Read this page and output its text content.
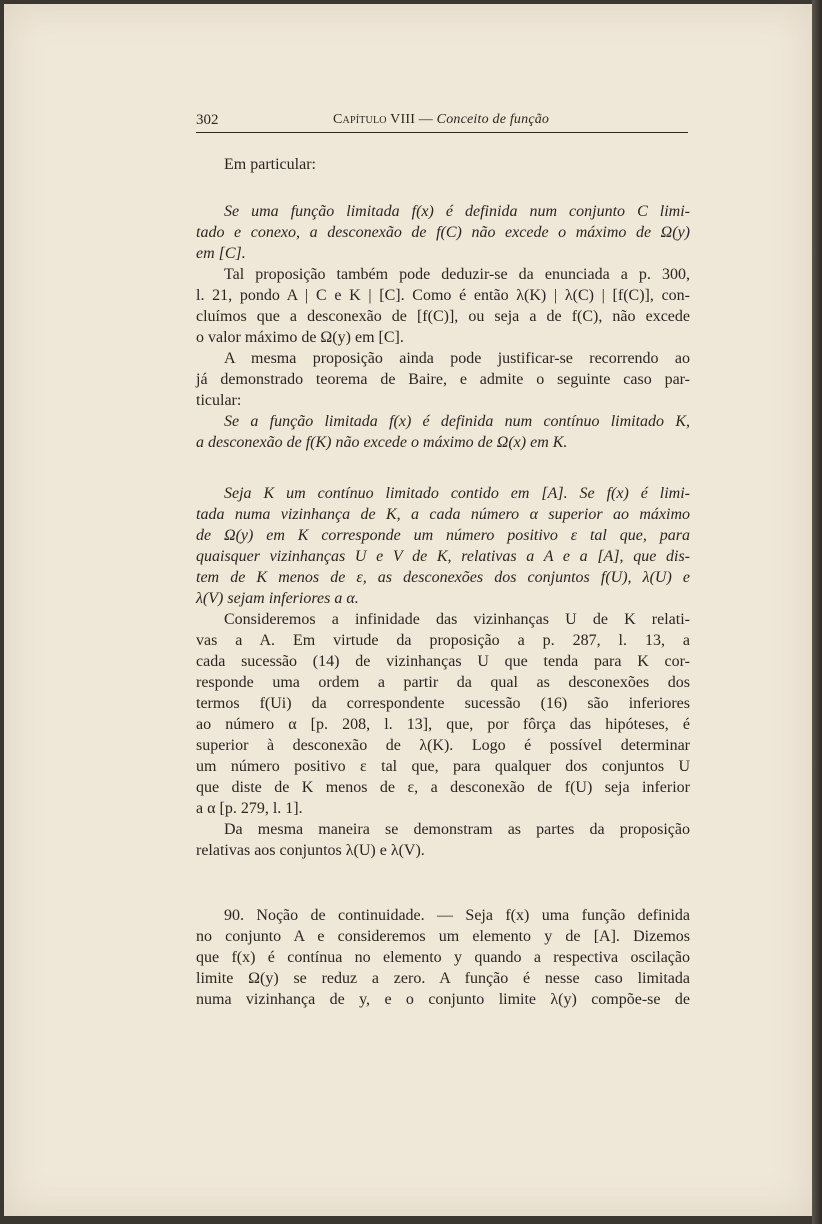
302	Capítulo VIII — Conceito de função
Em particular:
Se uma função limitada f(x) é definida num conjunto C limi-
tado e conexo, a desconexão de f(C) não excede o máximo de Ω(y)
em [C].
Tal proposição também pode deduzir-se da enunciada a p. 300,
l. 21, pondo A | C e K | [C]. Como é então λ(K) | λ(C) | [f(C)], con-
cluímos que a desconexão de [f(C)], ou seja a de f(C), não excede
o valor máximo de Ω(y) em [C].
A mesma proposição ainda pode justificar-se recorrendo ao
já demonstrado teorema de Baire, e admite o seguinte caso par-
ticular:
Se a função limitada f(x) é definida num contínuo limitado K,
a desconexão de f(K) não excede o máximo de Ω(x) em K.
Seja K um contínuo limitado contido em [A]. Se f(x) é limi-
tada numa vizinhança de K, a cada número α superior ao máximo
de Ω(y) em K corresponde um número positivo ε tal que, para
quaisquer vizinhanças U e V de K, relativas a A e a [A], que dis-
tem de K menos de ε, as desconexões dos conjuntos f(U), λ(U) e
λ(V) sejam inferiores a α.
Consideremos a infinidade das vizinhanças U de K relati-
vas a A. Em virtude da proposição a p. 287, l. 13, a
cada sucessão (14) de vizinhanças U que tenda para K cor-
responde uma ordem a partir da qual as desconexões dos
termos f(Ui) da correspondente sucessão (16) são inferiores
ao número α [p. 208, l. 13], que, por fôrça das hipóteses, é
superior à desconexão de λ(K). Logo é possível determinar
um número positivo ε tal que, para qualquer dos conjuntos U
que diste de K menos de ε, a desconexão de f(U) seja inferior
a α [p. 279, l. 1].
Da mesma maneira se demonstram as partes da proposição
relativas aos conjuntos λ(U) e λ(V).
90. Noção de continuidade. — Seja f(x) uma função definida
no conjunto A e consideremos um elemento y de [A]. Dizemos
que f(x) é contínua no elemento y quando a respectiva oscilação
limite Ω(y) se reduz a zero. A função é nesse caso limitada
numa vizinhança de y, e o conjunto limite λ(y) compõe-se de
